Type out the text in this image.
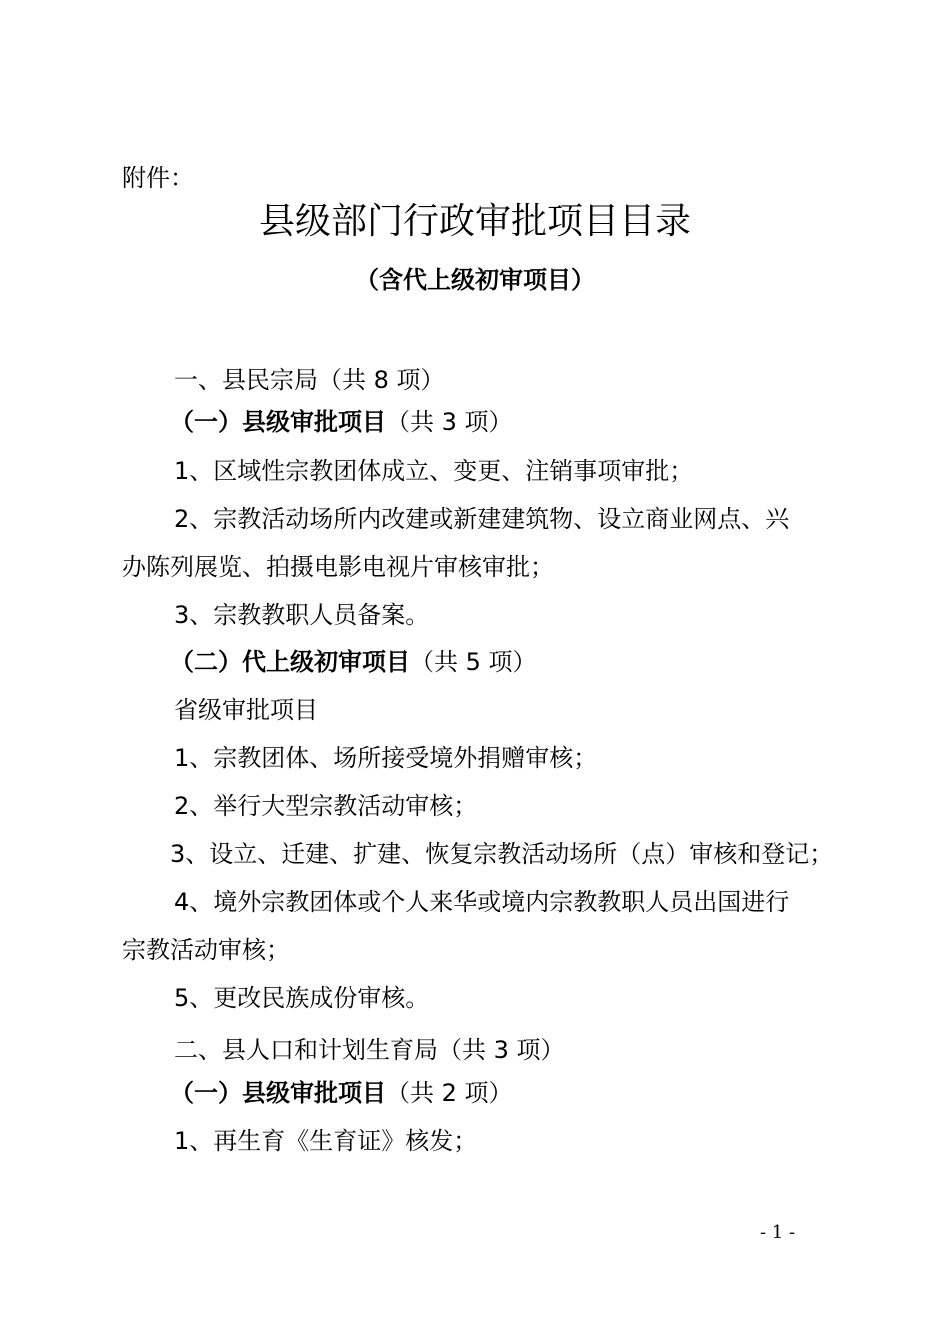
附件：
县级部门行政审批项目目录
（含代上级初审项目）
一、县民宗局（共 8 项）
（一）县级审批项目（共 3 项）
1、区域性宗教团体成立、变更、注销事项审批；
2、宗教活动场所内改建或新建建筑物、设立商业网点、兴
办陈列展览、拍摄电影电视片审核审批；
3、宗教教职人员备案。
（二）代上级初审项目（共 5 项）
省级审批项目
1、宗教团体、场所接受境外捐赠审核；
2、举行大型宗教活动审核；
3、设立、迁建、扩建、恢复宗教活动场所（点）审核和登记；
4、境外宗教团体或个人来华或境内宗教教职人员出国进行
宗教活动审核；
5、更改民族成份审核。
二、县人口和计划生育局（共 3 项）
（一）县级审批项目（共 2 项）
1、再生育《生育证》核发；
- 1 -
